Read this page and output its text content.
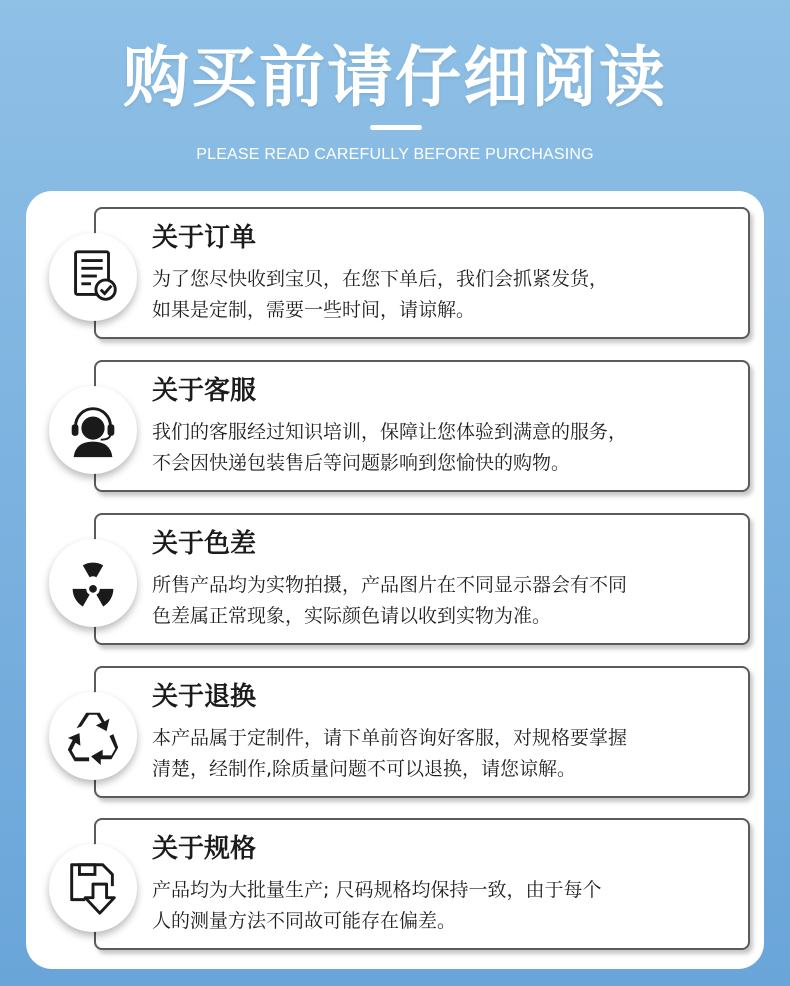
购买前请仔细阅读
PLEASE READ CAREFULLY BEFORE PURCHASING
关于订单
为了您尽快收到宝贝，在您下单后，我们会抓紧发货，
如果是定制，需要一些时间，请谅解。
关于客服
我们的客服经过知识培训，保障让您体验到满意的服务，
不会因快递包装售后等问题影响到您愉快的购物。
关于色差
所售产品均为实物拍摄，产品图片在不同显示器会有不同
色差属正常现象，实际颜色请以收到实物为准。
关于退换
本产品属于定制件，请下单前咨询好客服，对规格要掌握
清楚，经制作,除质量问题不可以退换，请您谅解。
关于规格
产品均为大批量生产; 尺码规格均保持一致，由于每个
人的测量方法不同故可能存在偏差。
